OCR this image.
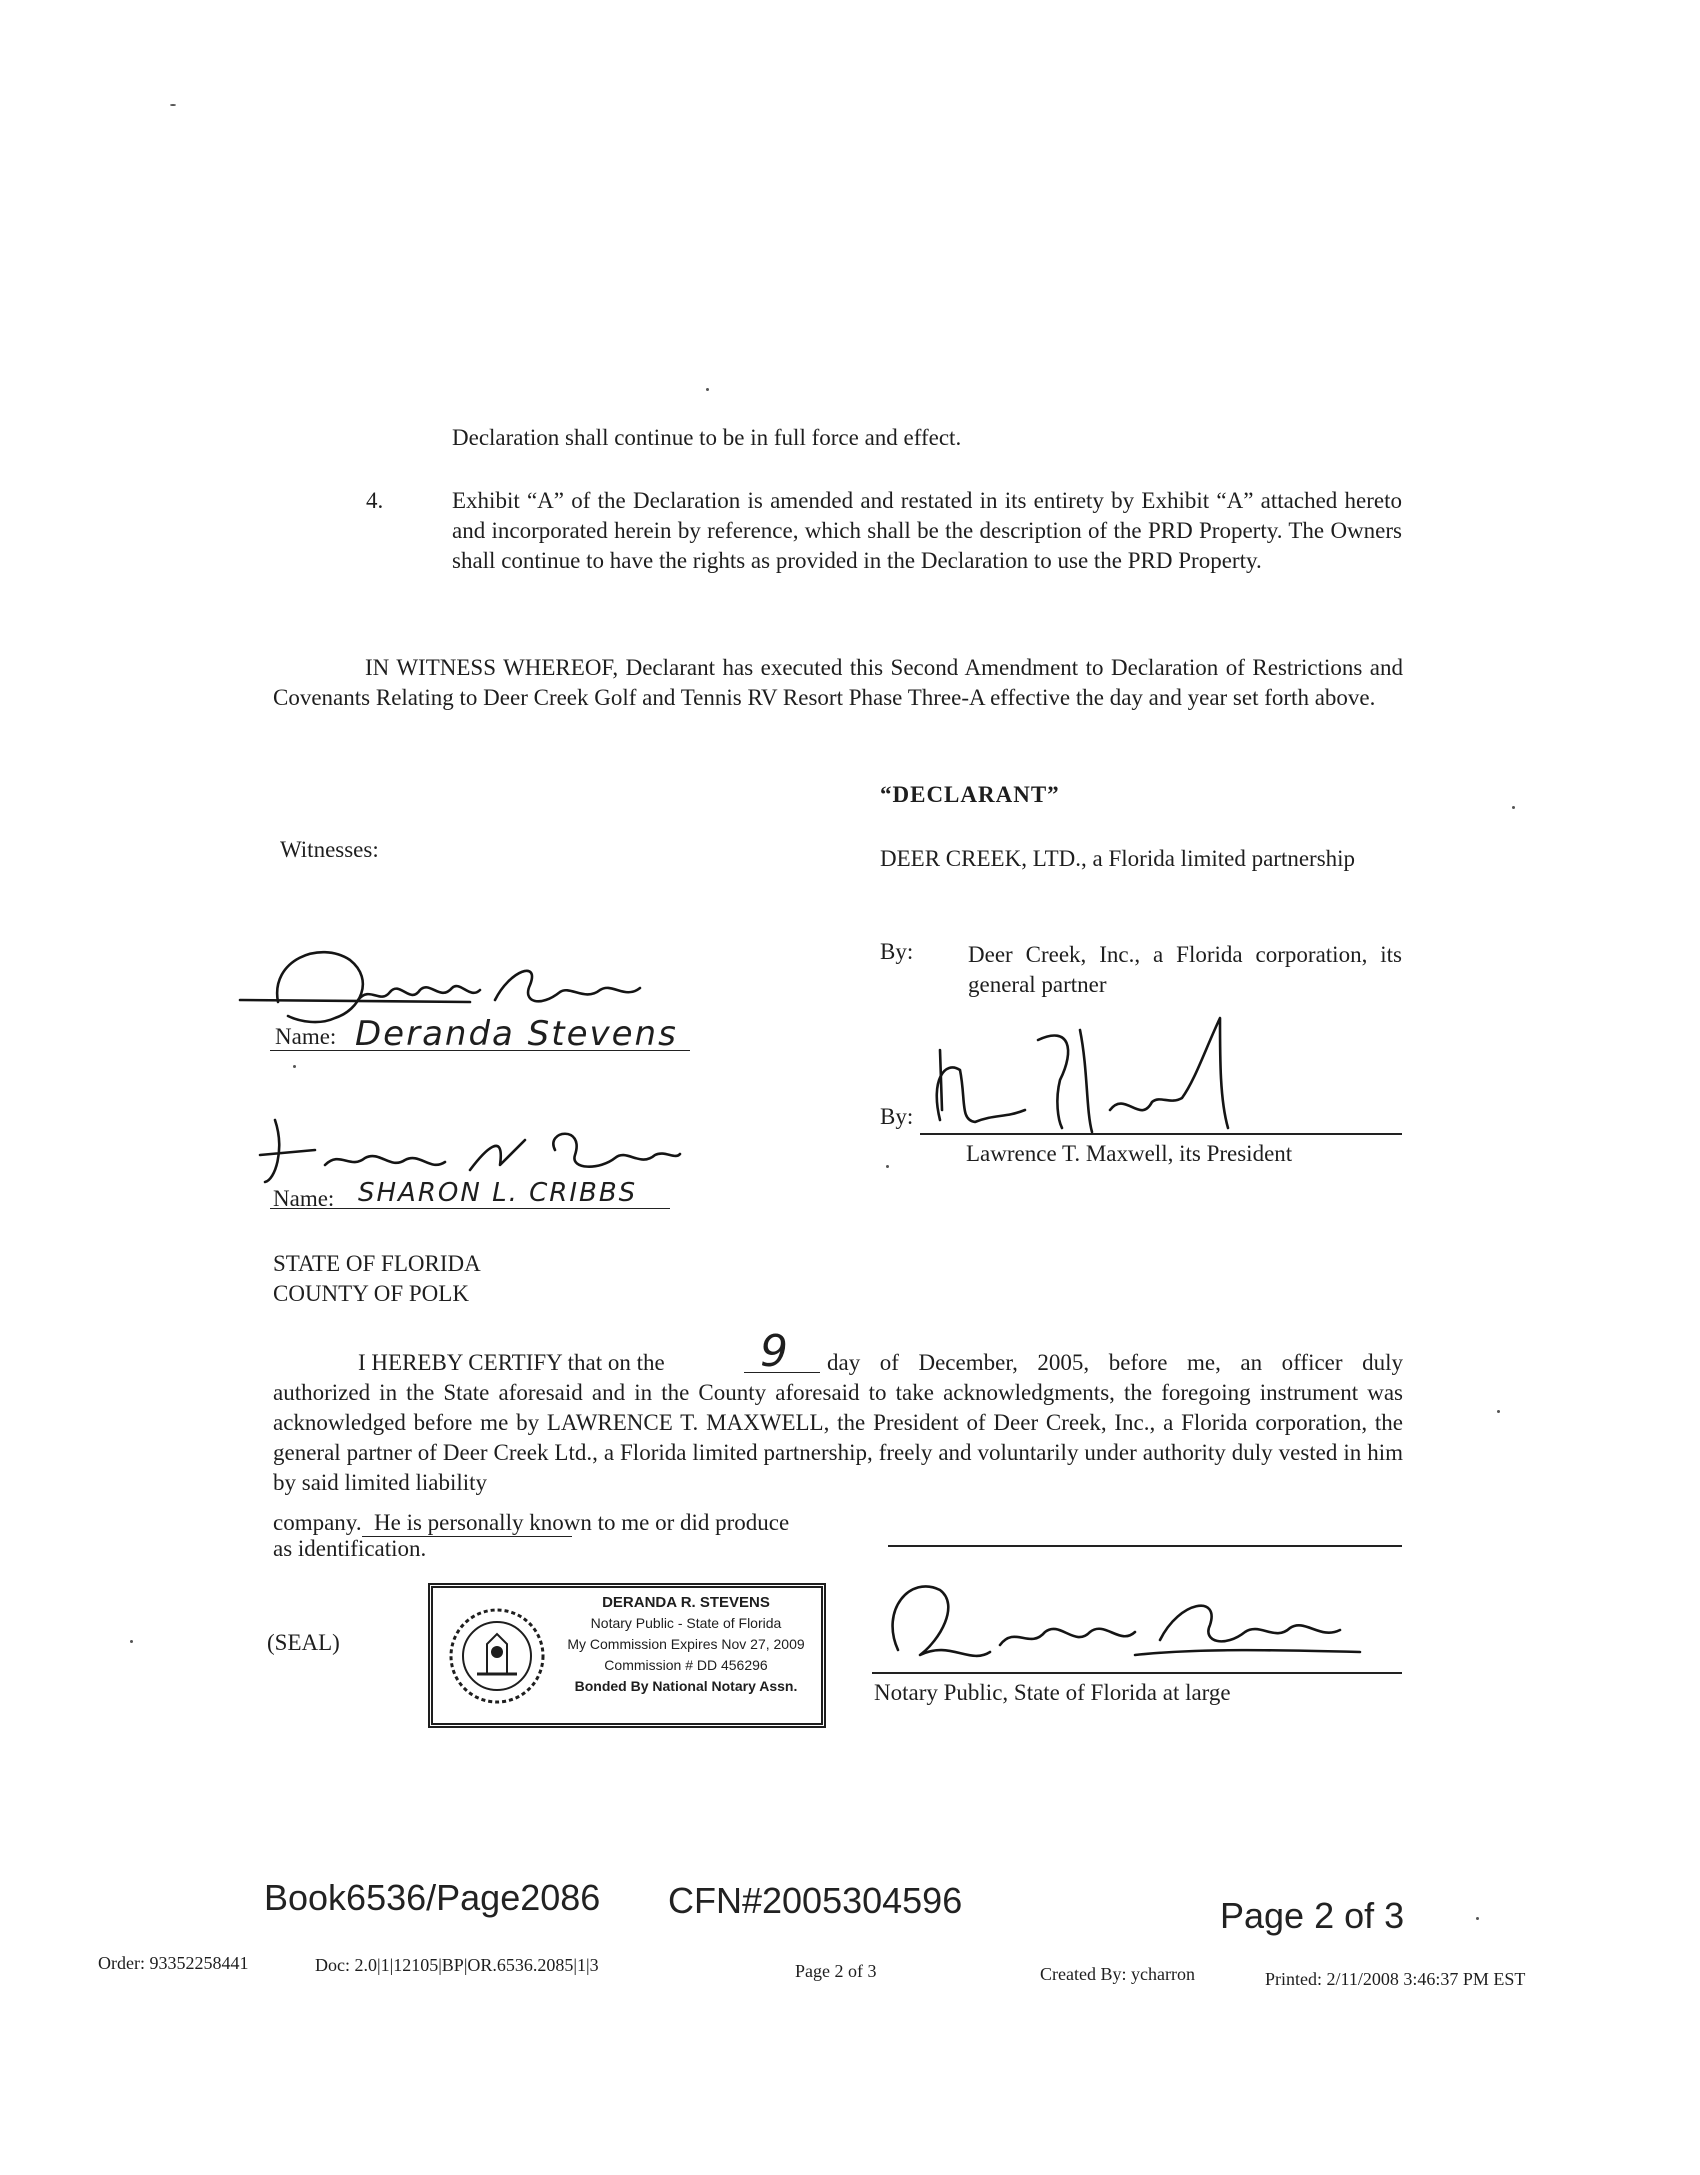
Declaration shall continue to be in full force and effect.
4.	Exhibit “A” of the Declaration is amended and restated in its entirety by Exhibit “A” attached hereto and incorporated herein by reference, which shall be the description of the PRD Property. The Owners shall continue to have the rights as provided in the Declaration to use the PRD Property.
IN WITNESS WHEREOF, Declarant has executed this Second Amendment to Declaration of Restrictions and Covenants Relating to Deer Creek Golf and Tennis RV Resort Phase Three-A effective the day and year set forth above.
“DECLARANT”
Witnesses:	DEER CREEK, LTD., a Florida limited partnership
By: Deer Creek, Inc., a Florida corporation, its general partner
By:
Lawrence T. Maxwell, its President
Name: Deranda Stevens
Name: SHARON L. CRIBBS
STATE OF FLORIDA
COUNTY OF POLK
I HEREBY CERTIFY that on the 9 day of December, 2005, before me, an officer duly
authorized in the State aforesaid and in the County aforesaid to take acknowledgments, the foregoing instrument was acknowledged before me by LAWRENCE T. MAXWELL, the President of Deer Creek, Inc., a Florida corporation, the general partner of Deer Creek Ltd., a Florida limited partnership, freely and voluntarily under authority duly vested in him by said limited liability
company. He is personally known to me or did produce
as identification.
(SEAL)
DERANDA R. STEVENS
Notary Public - State of Florida
My Commission Expires Nov 27, 2009
Commission # DD 456296
Bonded By National Notary Assn.	Notary Public, State of Florida at large
Book6536/Page2086 CFN#2005304596	Page 2 of 3
Order: 93352258441	Doc: 2.0|1|12105|BP|OR.6536.2085|1|3	Page 2 of 3	Created By: ycharron	Printed: 2/11/2008 3:46:37 PM EST
